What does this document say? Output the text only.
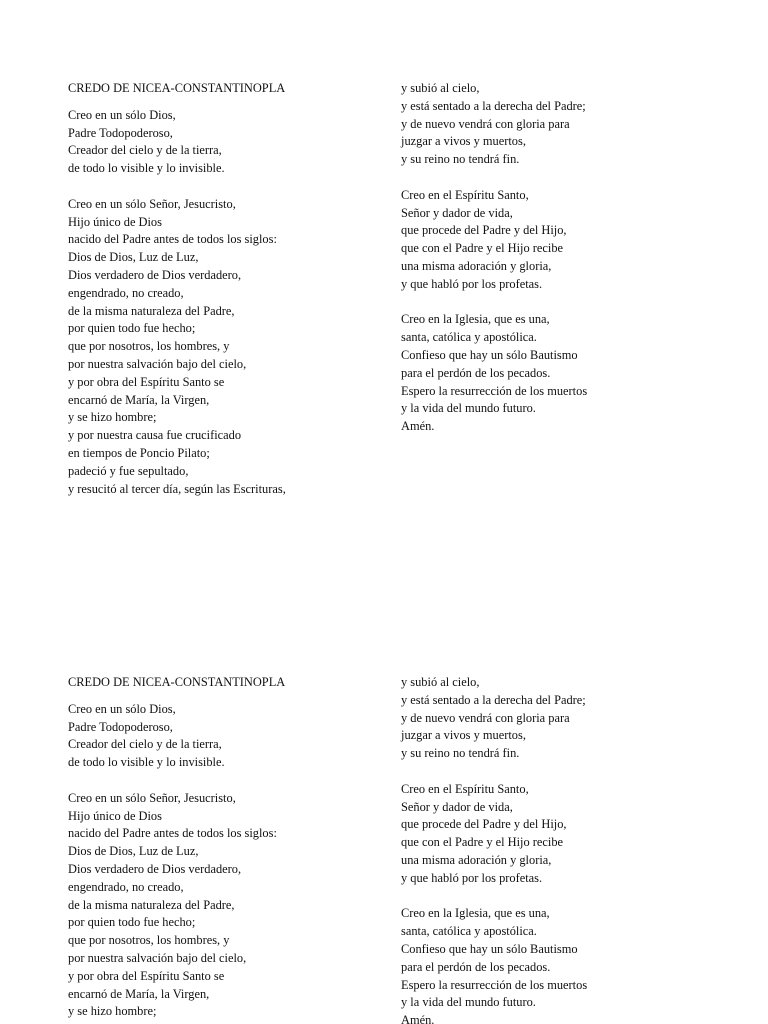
CREDO DE NICEA-CONSTANTINOPLA
Creo en un sólo Dios,
Padre Todopoderoso,
Creador del cielo y de la tierra,
de todo lo visible y lo invisible.
Creo en un sólo Señor, Jesucristo,
Hijo único de Dios
nacido del Padre antes de todos los siglos:
Dios de Dios, Luz de Luz,
Dios verdadero de Dios verdadero,
engendrado, no creado,
de la misma naturaleza del Padre,
por quien todo fue hecho;
que por nosotros, los hombres, y
por nuestra salvación bajo del cielo,
y por obra del Espíritu Santo se
encarnó de María, la Virgen,
y se hizo hombre;
y por nuestra causa fue crucificado
en tiempos de Poncio Pilato;
padeció y fue sepultado,
y resucitó al tercer día, según las Escrituras,
y subió al cielo,
y está sentado a la derecha del Padre;
y de nuevo vendrá con gloria para
juzgar a vivos y muertos,
y su reino no tendrá fin.
Creo en el Espíritu Santo,
Señor y dador de vida,
que procede del Padre y del Hijo,
que con el Padre y el Hijo recibe
una misma adoración y gloria,
y que habló por los profetas.
Creo en la Iglesia, que es una,
santa, católica y apostólica.
Confieso que hay un sólo Bautismo
para el perdón de los pecados.
Espero la resurrección de los muertos
y la vida del mundo futuro.
Amén.
CREDO DE NICEA-CONSTANTINOPLA
Creo en un sólo Dios,
Padre Todopoderoso,
Creador del cielo y de la tierra,
de todo lo visible y lo invisible.
Creo en un sólo Señor, Jesucristo,
Hijo único de Dios
nacido del Padre antes de todos los siglos:
Dios de Dios, Luz de Luz,
Dios verdadero de Dios verdadero,
engendrado, no creado,
de la misma naturaleza del Padre,
por quien todo fue hecho;
que por nosotros, los hombres, y
por nuestra salvación bajo del cielo,
y por obra del Espíritu Santo se
encarnó de María, la Virgen,
y se hizo hombre;
y subió al cielo,
y está sentado a la derecha del Padre;
y de nuevo vendrá con gloria para
juzgar a vivos y muertos,
y su reino no tendrá fin.
Creo en el Espíritu Santo,
Señor y dador de vida,
que procede del Padre y del Hijo,
que con el Padre y el Hijo recibe
una misma adoración y gloria,
y que habló por los profetas.
Creo en la Iglesia, que es una,
santa, católica y apostólica.
Confieso que hay un sólo Bautismo
para el perdón de los pecados.
Espero la resurrección de los muertos
y la vida del mundo futuro.
Amén.
